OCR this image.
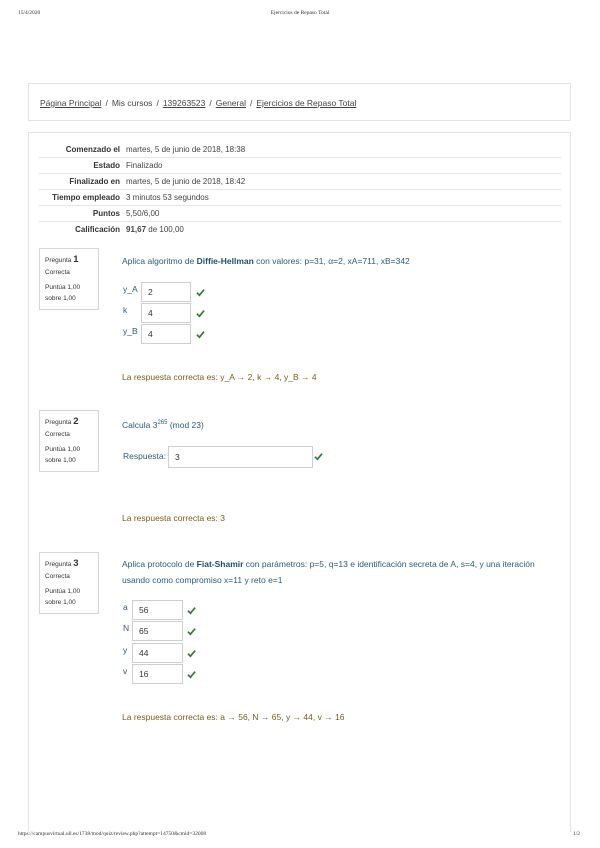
15/4/2020	Ejercicios de Repaso Total
https://campusvirtual.ull.es/1738/mod/quiz/review.php?attempt=14750&cmid=32008	1/2
Página Principal / Mis cursos / 139263523 / General / Ejercicios de Repaso Total
Comenzado el	martes, 5 de junio de 2018, 18:38
Estado	Finalizado
Finalizado en	martes, 5 de junio de 2018, 18:42
Tiempo empleado	3 minutos 53 segundos
Puntos	5,50/6,00
Calificación	91,67 de 100,00
Pregunta 1
Correcta
Puntúa 1,00
sobre 1,00
Aplica algoritmo de Diffie-Hellman con valores: p=31, α=2, xA=711, xB=342
y_A	2
k	4
y_B	4
La respuesta correcta es: y_A → 2, k → 4, y_B → 4
Pregunta 2
Correcta
Puntúa 1,00
sobre 1,00
Calcula $3^{265}$ (mod 23)
Respuesta:	3
La respuesta correcta es: 3
Pregunta 3
Correcta
Puntúa 1,00
sobre 1,00
Aplica protocolo de Fiat-Shamir con parámetros: p=5, q=13 e identificación secreta de A, s=4, y una iteración
usando como compromiso x=11 y reto e=1
a	56
N	65
y	44
v	16
La respuesta correcta es: a → 56, N → 65, y → 44, v → 16
